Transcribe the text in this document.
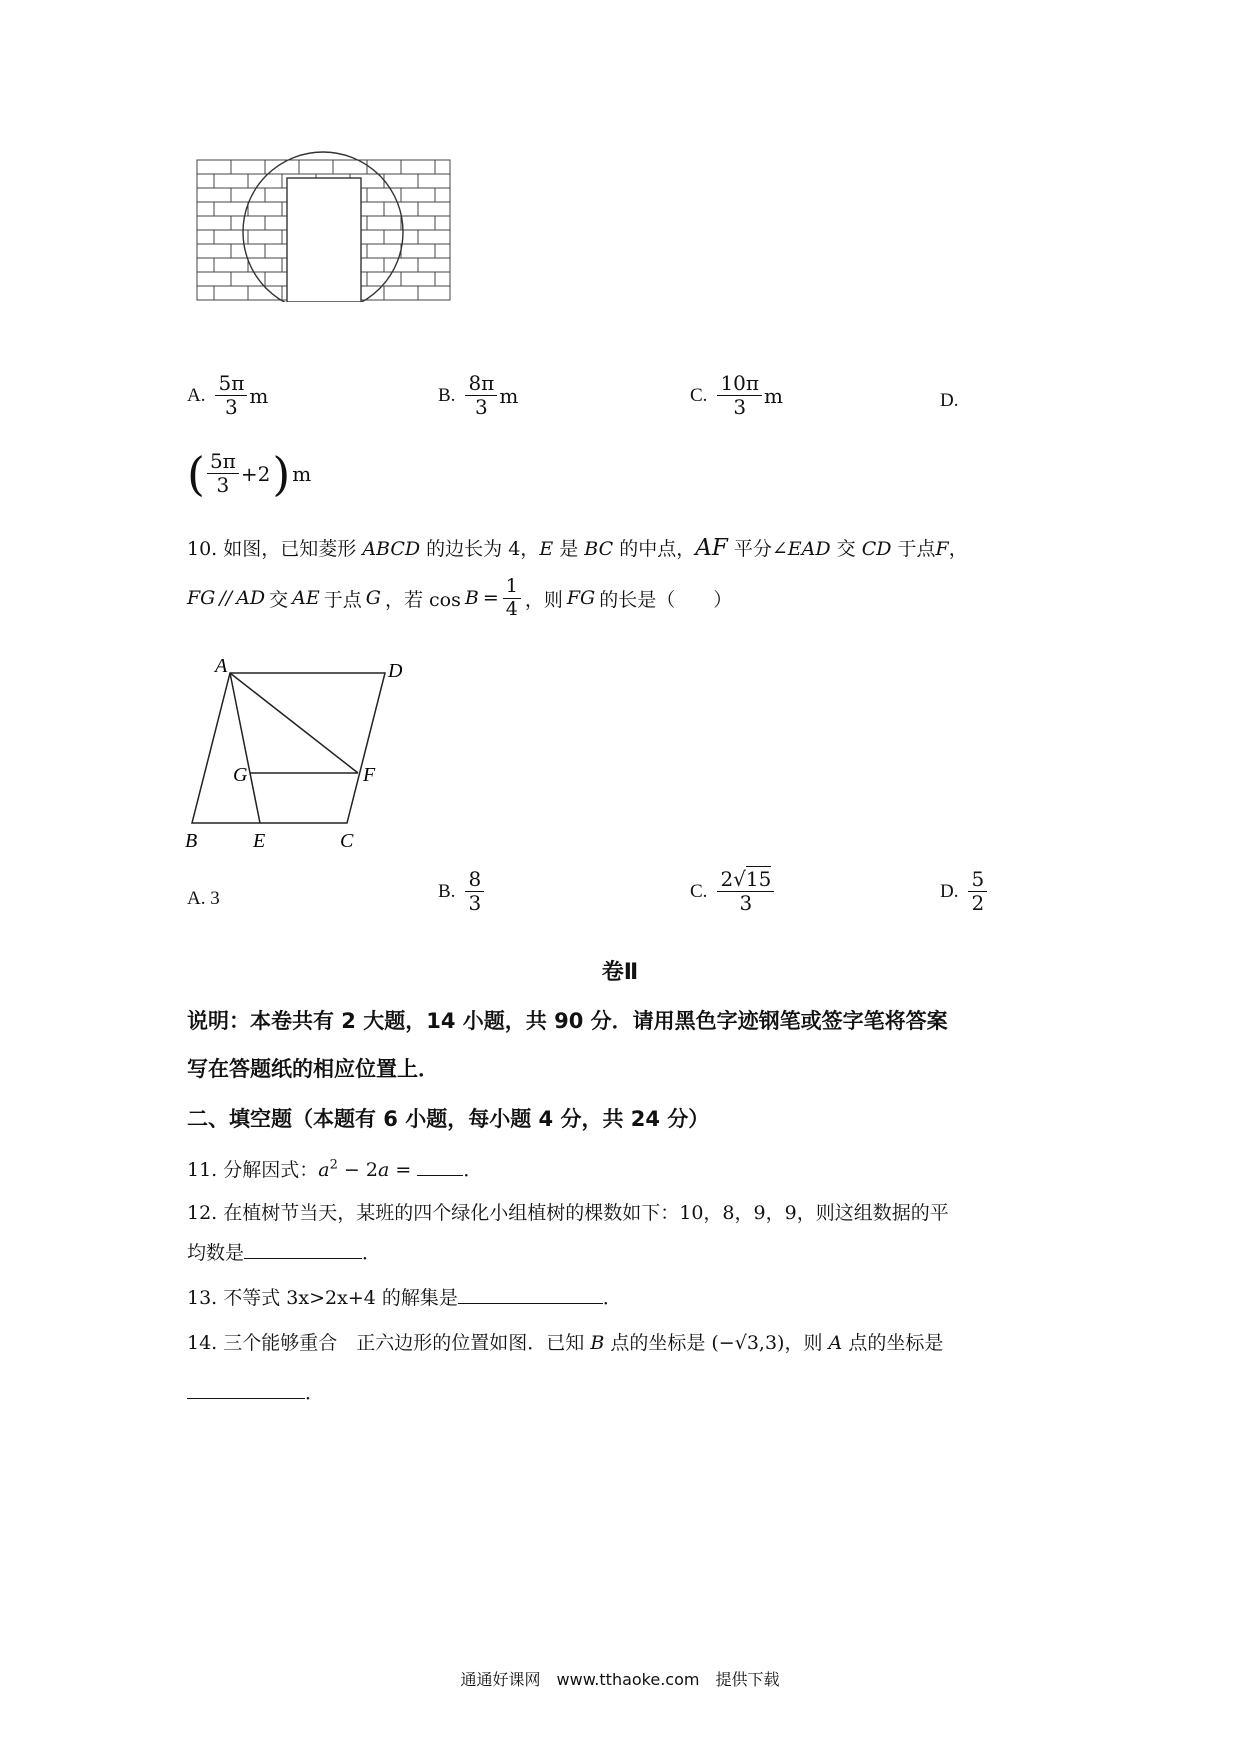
A. $\frac{5\pi}{3}$ m	B. $\frac{8\pi}{3}$ m	C. $\frac{10\pi}{3}$ m	D.
( $\frac{5\pi}{3} +2$ ) m
10. 如图，已知菱形 ABCD 的边长为 4，E 是 BC 的中点，AF 平分∠EAD 交 CD 于点F，
FG // AD 交 AE 于点 G ，若 $\cos B = \frac{1}{4}$ ，则 FG 的长是（　　）
A	D
G	F
B	E	C
A. 3	B. $\frac{8}{3}$	C. $\frac{2√15}{3}$	D. $\frac{5}{2}$
卷Ⅱ
说明：本卷共有 2 大题，14 小题，共 90 分．请用黑色字迹钢笔或签字笔将答案
写在答题纸的相应位置上．
二、填空题（本题有 6 小题，每小题 4 分，共 24 分）
11. 分解因式：$a^2 - 2a$ =	．
12. 在植树节当天，某班的四个绿化小组植树的棵数如下：10，8，9，9，则这组数据的平
均数是	．
13. 不等式 3x>2x+4 的解集是	．
14. 三个能够重合　正六边形的位置如图．已知 B 点的坐标是 (−√3,3)，则 A 点的坐标是
．
通通好课网　www.tthaoke.com　提供下载
